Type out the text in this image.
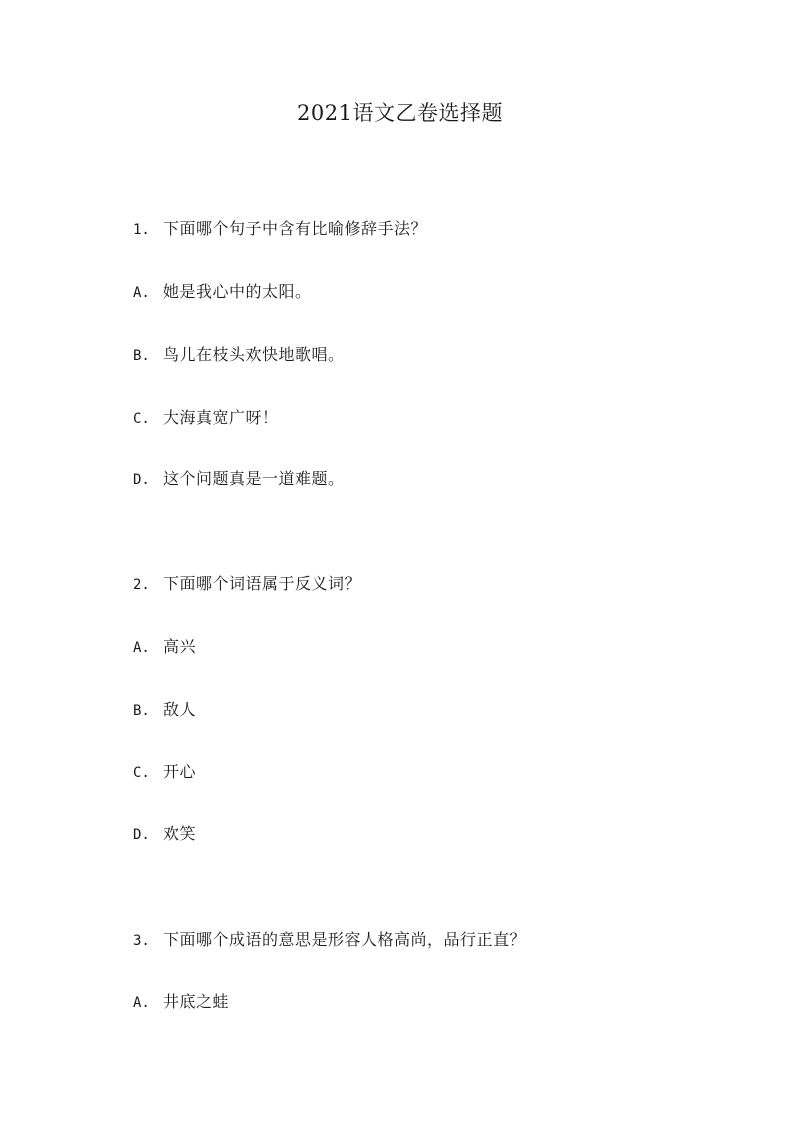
2021语文乙卷选择题
1. 下面哪个句子中含有比喻修辞手法？
A. 她是我心中的太阳。
B. 鸟儿在枝头欢快地歌唱。
C. 大海真宽广呀！
D. 这个问题真是一道难题。
2. 下面哪个词语属于反义词？
A. 高兴
B. 敌人
C. 开心
D. 欢笑
3. 下面哪个成语的意思是形容人格高尚，品行正直？
A. 井底之蛙
